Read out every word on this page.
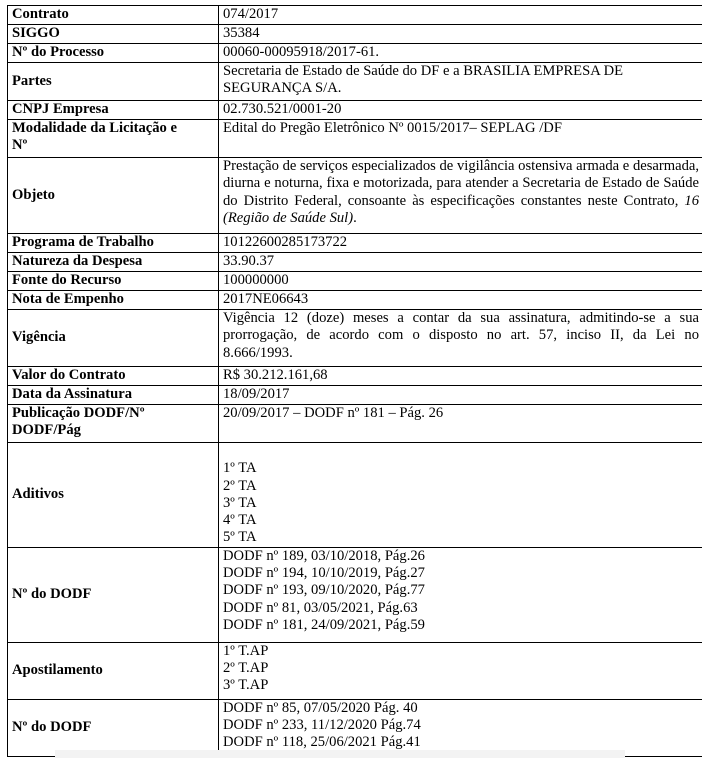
Contrato	074/2017
SIGGO	35384
Nº do Processo	00060-00095918/2017-61.
Partes	Secretaria de Estado de Saúde do DF e a BRASILIA EMPRESA DE
SEGURANÇA S/A.

CNPJ Empresa	02.730.521/0001-20

Modalidade da Licitação e
Nº	Edital do Pregão Eletrônico Nº 0015/2017– SEPLAG /DF
Objeto	Prestação de serviços especializados de vigilância ostensiva armada e desarmada, diurna e noturna, fixa e motorizada, para atender a Secretaria de Estado de Saúde do Distrito Federal, consoante às especificações constantes neste Contrato, 16 (Região de Saúde Sul).
Programa de Trabalho	10122600285173722
Natureza da Despesa	33.90.37
Fonte do Recurso	100000000
Nota de Empenho	2017NE06643
Vigência	Vigência 12 (doze) meses a contar da sua assinatura, admitindo-se a sua prorrogação, de acordo com o disposto no art. 57, inciso II, da Lei no 8.666/1993.
Valor do Contrato	R$ 30.212.161,68
Data da Assinatura	18/09/2017

Publicação DODF/Nº
DODF/Pág	20/09/2017 – DODF nº 181 – Pág. 26
Aditivos	1º TA
2º TA
3º TA
4º TA
5º TA

Nº do DODF	DODF nº 189, 03/10/2018, Pág.26
DODF nº 194, 10/10/2019, Pág.27
DODF nº 193, 09/10/2020, Pág.77
DODF nº 81, 03/05/2021, Pág.63
DODF nº 181, 24/09/2021, Pág.59

Apostilamento	1º T.AP
2º T.AP
3º T.AP

Nº do DODF	DODF nº 85, 07/05/2020 Pág. 40
DODF nº 233, 11/12/2020 Pág.74
DODF nº 118, 25/06/2021 Pág.41
